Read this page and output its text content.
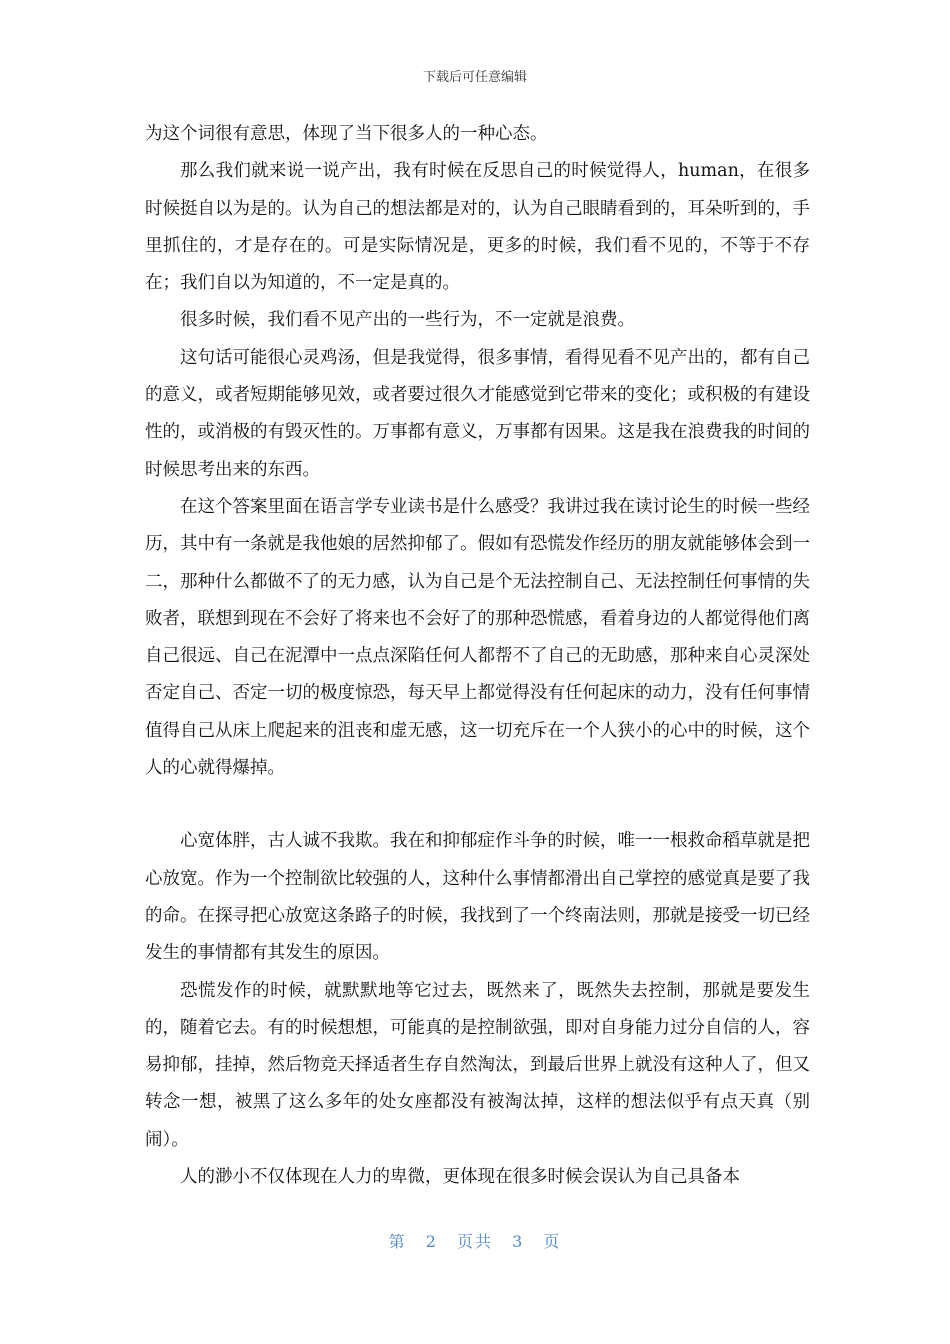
下载后可任意编辑

为这个词很有意思，体现了当下很多人的一种心态。

那么我们就来说一说产出，我有时候在反思自己的时候觉得人，human，在很多时候挺自以为是的。认为自己的想法都是对的，认为自己眼睛看到的，耳朵听到的，手里抓住的，才是存在的。可是实际情况是，更多的时候，我们看不见的，不等于不存在；我们自以为知道的，不一定是真的。

很多时候，我们看不见产出的一些行为，不一定就是浪费。

这句话可能很心灵鸡汤，但是我觉得，很多事情，看得见看不见产出的，都有自己的意义，或者短期能够见效，或者要过很久才能感觉到它带来的变化；或积极的有建设性的，或消极的有毁灭性的。万事都有意义，万事都有因果。这是我在浪费我的时间的时候思考出来的东西。

在这个答案里面在语言学专业读书是什么感受？我讲过我在读讨论生的时候一些经历，其中有一条就是我他娘的居然抑郁了。假如有恐慌发作经历的朋友就能够体会到一二，那种什么都做不了的无力感，认为自己是个无法控制自己、无法控制任何事情的失败者，联想到现在不会好了将来也不会好了的那种恐慌感，看着身边的人都觉得他们离自己很远、自己在泥潭中一点点深陷任何人都帮不了自己的无助感，那种来自心灵深处否定自己、否定一切的极度惊恐，每天早上都觉得没有任何起床的动力，没有任何事情值得自己从床上爬起来的沮丧和虚无感，这一切充斥在一个人狭小的心中的时候，这个人的心就得爆掉。

心宽体胖，古人诚不我欺。我在和抑郁症作斗争的时候，唯一一根救命稻草就是把心放宽。作为一个控制欲比较强的人，这种什么事情都滑出自己掌控的感觉真是要了我的命。在探寻把心放宽这条路子的时候，我找到了一个终南法则，那就是接受一切已经发生的事情都有其发生的原因。

恐慌发作的时候，就默默地等它过去，既然来了，既然失去控制，那就是要发生的，随着它去。有的时候想想，可能真的是控制欲强，即对自身能力过分自信的人，容易抑郁，挂掉，然后物竞天择适者生存自然淘汰，到最后世界上就没有这种人了，但又转念一想，被黑了这么多年的处女座都没有被淘汰掉，这样的想法似乎有点天真（别闹）。

人的渺小不仅体现在人力的卑微，更体现在很多时候会误认为自己具备本

第 2 页共 3 页
